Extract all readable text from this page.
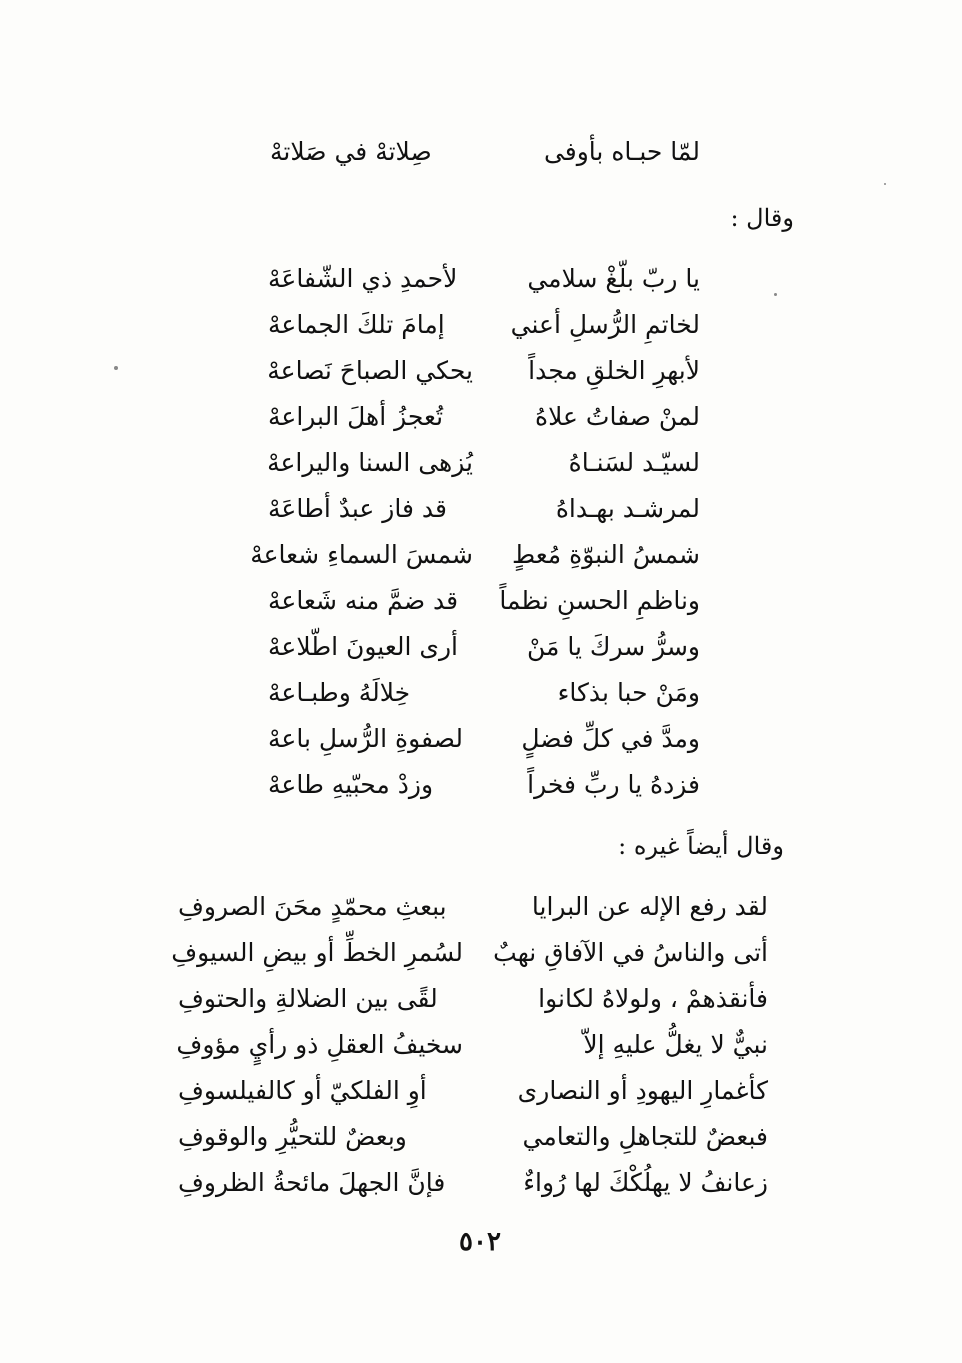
لمّا حبـاه بأوفى
صِلاتهْ في صَلاتهْ
وقال :
يا ربّ بلّغْ سلامي
لأحمدِ ذي الشّفاعَهْ
لخاتمِ الرُّسلِ أعني
إمامَ تلكَ الجماعهْ
لأبهرِ الخلقِ مجداً
يحكي الصباحَ نَصاعهْ
لمنْ صفاتُ علاهُ
تُعجزُ أهلَ البراعهْ
لسيّـد لسَنـاهُ
يُزهى السنا واليراعهْ
لمرشـد بهـداهُ
قد فاز عبدٌ أطاعَهْ
شمسُ النبوّةِ مُعطٍ
شمسَ السماءِ شعاعهْ
وناظمِ الحسنِ نظماً
قد ضمَّ منه شَعاعهْ
وسرُّ سركَ يا مَنْ
أرى العيونَ اطّلاعهْ
ومَنْ حبا بذكاء
خِلالَهُ وطبـاعهْ
ومدَّ في كلِّ فضلٍ
لصفوةِ الرُّسلِ باعهْ
فزدهُ يا ربِّ فخراً
وزدْ محبّيهِ طاعهْ
وقال أيضاً غيره :
لقد رفع الإله عن البرايا
ببعثِ محمّدٍ محَنَ الصروفِ
أتى والناسُ في الآفاقِ نهبٌ
لسُمرِ الخطِّ أو بيضِ السيوفِ
فأنقذهمْ ، ولولاهُ لكانوا
لقًى بين الضلالةِ والحتوفِ
نبيٌّ لا يغلُّ عليهِ إلاّ
سخيفُ العقلِ ذو رأيٍ مؤوفِ
كأغمارِ اليهودِ أو النصارى
أوِ الفلكيّ أو كالفيلسوفِ
فبعضٌ للتجاهلِ والتعامي
وبعضٌ للتحيُّرِ والوقوفِ
زعانفُ لا يهلُكْكَ لها رُواءٌ
فإنَّ الجهلَ مائحةُ الظروفِ
٥٠٢
